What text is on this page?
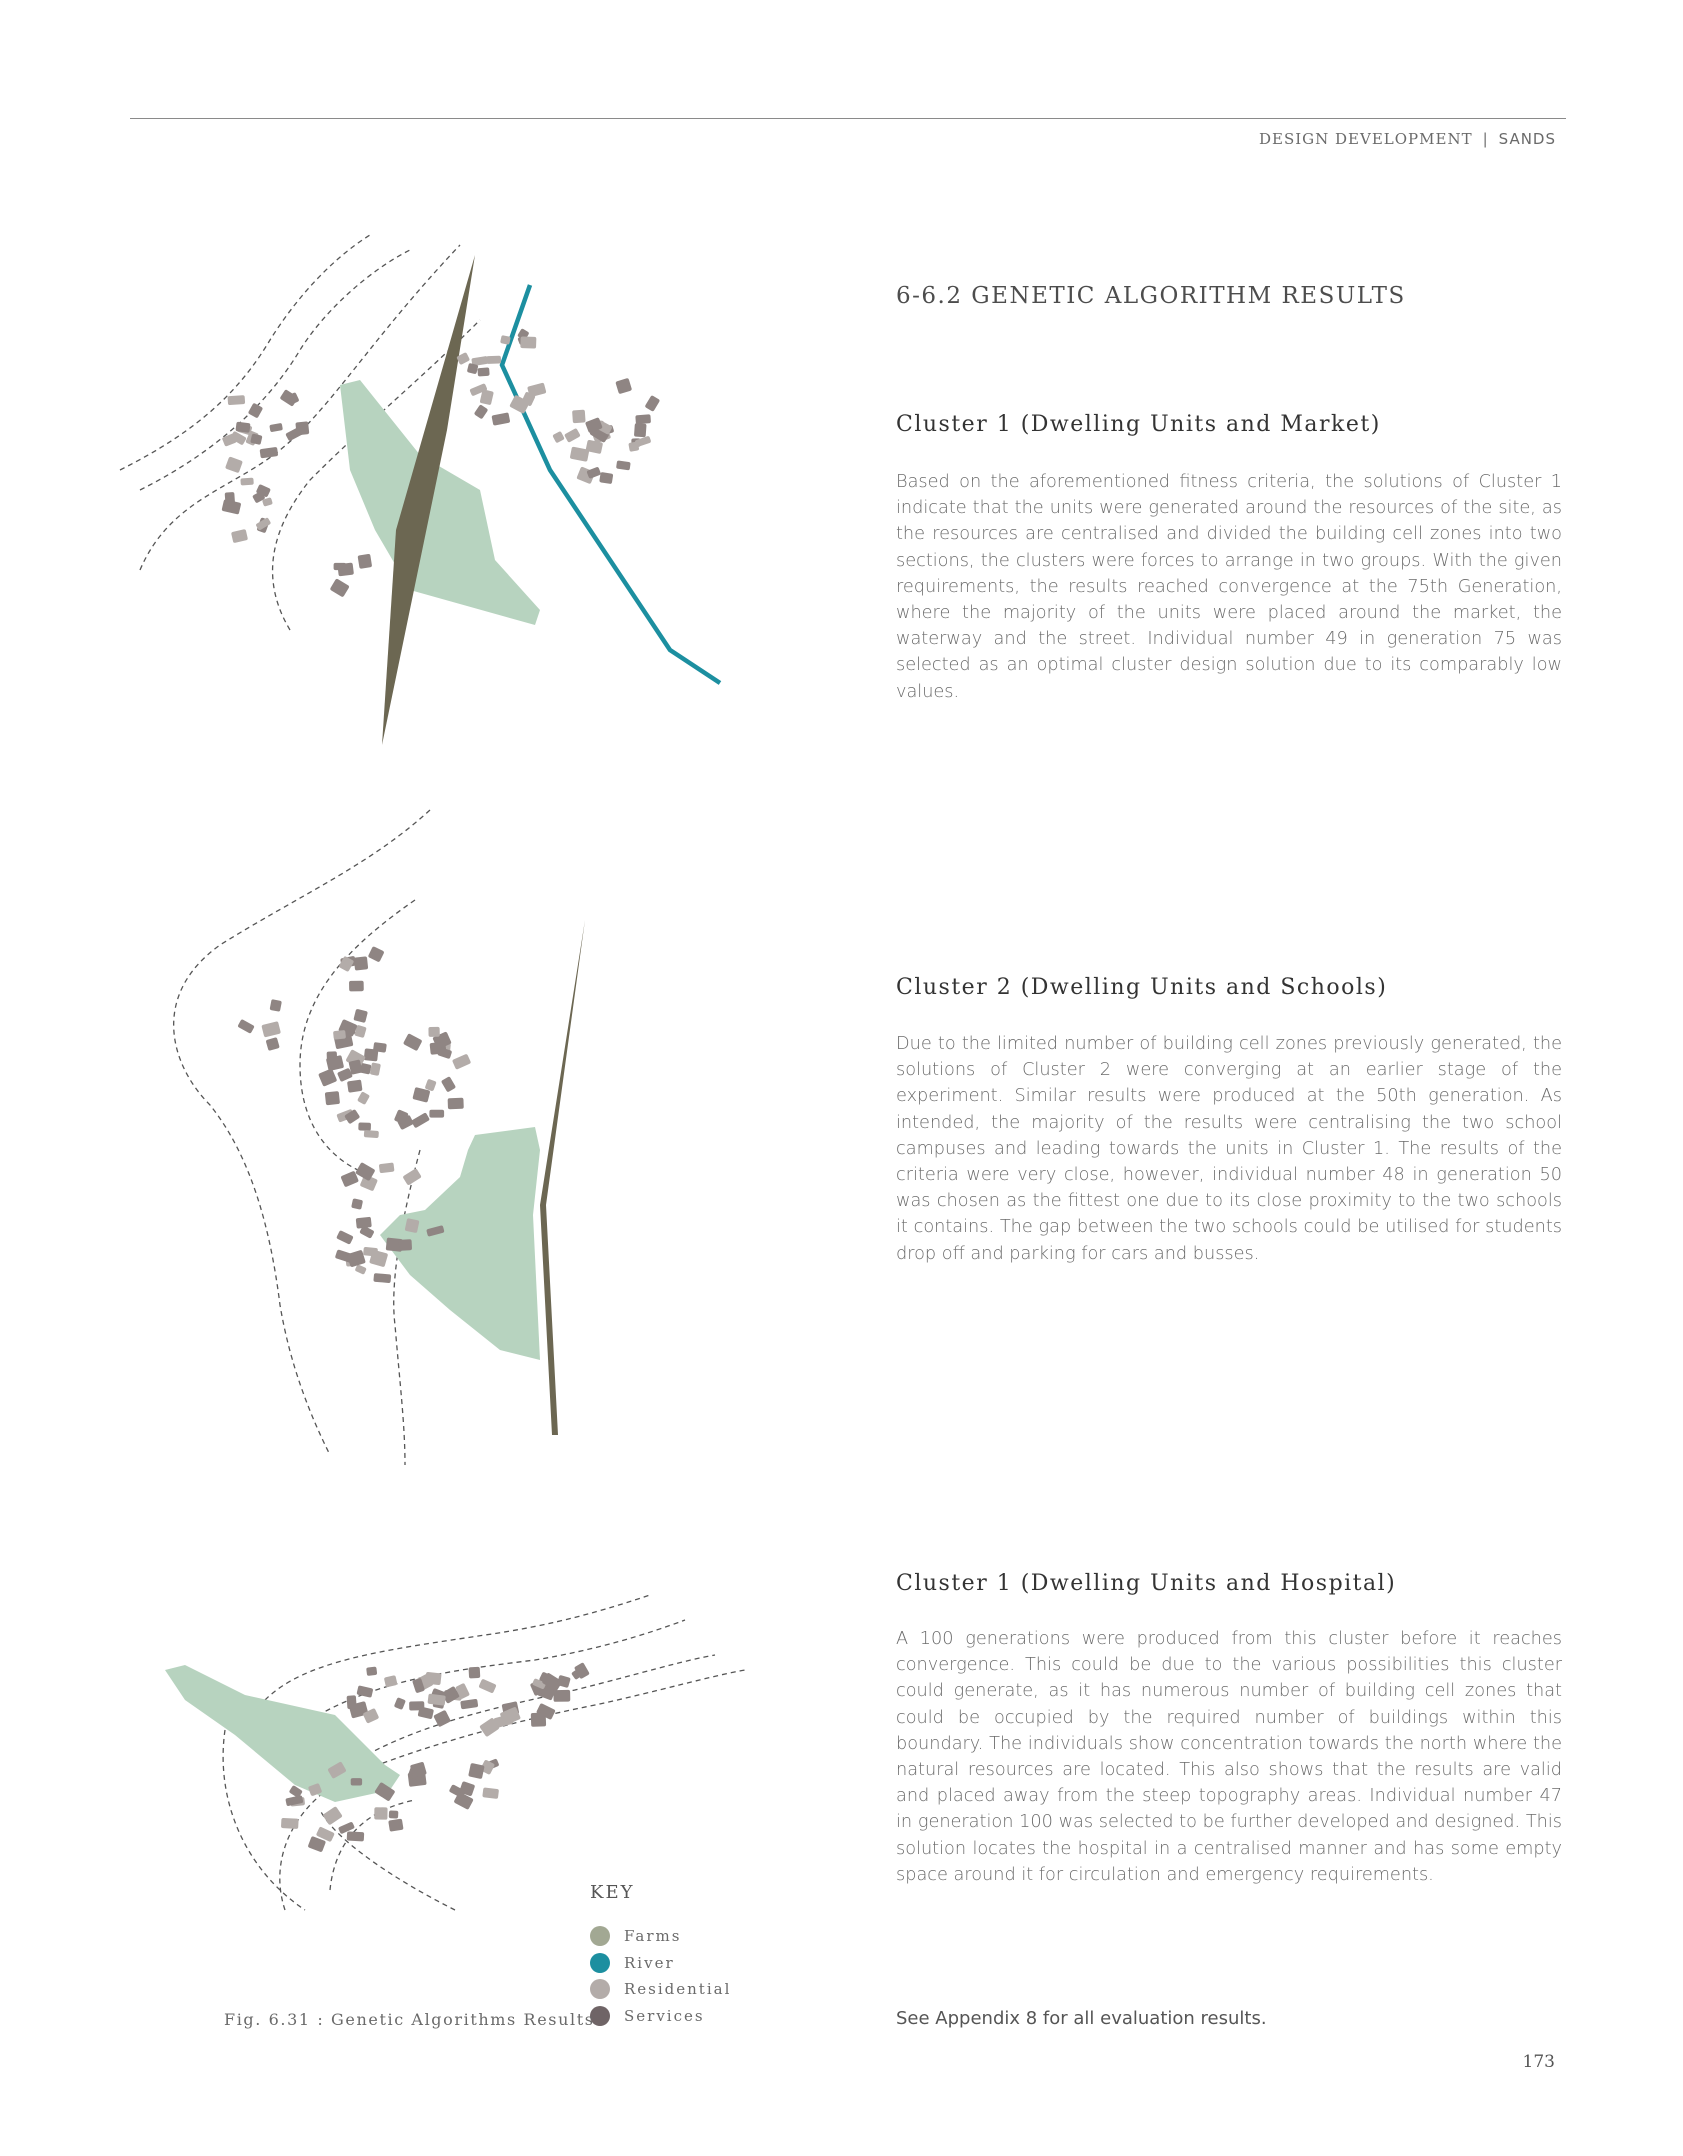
DESIGN DEVELOPMENT | SANDS
6-6.2 GENETIC ALGORITHM RESULTS
Cluster 1 (Dwelling Units and Market)

Based on the aforementioned fitness criteria, the solutions of Cluster 1 indicate that the units were generated around the resources of the site, as the resources are centralised and divided the building cell zones into two sections, the clusters were forces to arrange in two groups. With the given requirements, the results reached convergence at the 75th Generation, where the majority of the units were placed around the market, the waterway and the street. Individual number 49 in generation 75 was selected as an optimal cluster design solution due to its comparably low values.

Cluster 2 (Dwelling Units and Schools)

Due to the limited number of building cell zones previously generated, the solutions of Cluster 2 were converging at an earlier stage of the experiment. Similar results were produced at the 50th generation. As intended, the majority of the results were centralising the two school campuses and leading towards the units in Cluster 1. The results of the criteria were very close, however, individual number 48 in generation 50 was chosen as the fittest one due to its close proximity to the two schools it contains. The gap between the two schools could be utilised for students drop off and parking for cars and busses.

Cluster 1 (Dwelling Units and Hospital)

A 100 generations were produced from this cluster before it reaches convergence. This could be due to the various possibilities this cluster could generate, as it has numerous number of building cell zones that could be occupied by the required number of buildings within this boundary. The individuals show concentration towards the north where the natural resources are located. This also shows that the results are valid and placed away from the steep topography areas. Individual number 47 in generation 100 was selected to be further developed and designed. This solution locates the hospital in a centralised manner and has some empty space around it for circulation and emergency requirements.

See Appendix 8 for all evaluation results.
173
KEY
Farms
River
Residential
Services
Fig. 6.31 : Genetic Algorithms Results
